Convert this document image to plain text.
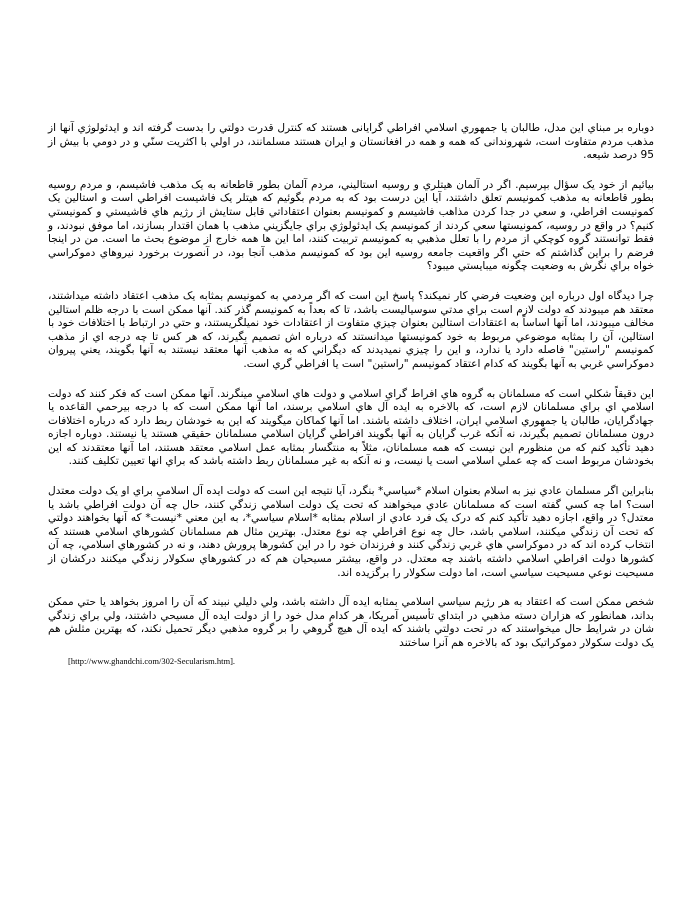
دوباره بر مبناي اين مدل، طالبان يا جمهوري اسلامي افراطي گرايانى هستند كه كنترل قدرت دولتي را بدست گرفته اند و ايدئولوژي آنها از مذهب مردم متفاوت است، شهروندانى كه همه و همه در افغانستان و ايران هستند مسلمانند، در اولي با اكثريت سنّي و در دومي با بيش از 95 درصد شيعه.

بيائيم از خود يک سؤال بپرسيم. اگر در آلمان هيتلري و روسيه استاليني، مردم آلمان بطور قاطعانه به يک مذهب فاشيسم، و مردم روسيه بطور قاطعانه به مذهب كمونيسم تعلق داشتند، آيا اين درست بود كه به مردم بگوئيم كه هيتلر يک فاشيست افراطي است و استالين يک كمونيست افراطي، و سعي در جدا كردن مذاهب فاشيسم و كمونيسم بعنوان اعتقاداتي قابل ستايش از رژيم هاي فاشيستي و كمونيستي كنيم؟ در واقع در روسيه، كمونيستها سعي كردند از كمونيسم يک ايدئولوژي براي جايگزيني مذهب با همان اقتدار بسازند، اما موفق نبودند، و فقط توانستند گروه كوچكي از مردم را با تعلل مذهبي به كمونيسم تربيت كنند، اما اين ها همه خارج از موضوع بحث ما است. من در اينجا فرضم را براين گذاشتم كه حتي اگر واقعيت جامعه روسيه اين بود كه كمونيسم مذهب آنجا بود، در آنصورت برخورد نيروهاي دموكراسي خواه براي نگرش به وضعيت چگونه ميبايستي ميبود؟

چرا ديدگاه اول درباره اين وضعيت فرضي كار نميكند؟ پاسخ اين است كه اگر مردمي به كمونيسم بمثابه يک مذهب اعتقاد داشته ميداشتند، معتقد هم ميبودند كه دولت لازم است براي مدتي سوسياليست باشد، تا كه بعداً به كمونيسم گذر كند. آنها ممكن است با درجه ظلم استالين مخالف ميبودند، اما آنها اساساً به اعتقادات استالين بعنوان چيزي متفاوت از اعتقادات خود نميلگريستند، و حتي در ارتباط با اختلافات خود با استالين، آن را بمثابه موضوعي مربوط به خود كمونيستها ميدانستند كه درباره اش تصميم بگيرند، كه هر كس تا چه درجه اي از مذهب كمونيسم "راستين" فاصله دارد يا ندارد، و اين را چيزي نميديدند كه ديگراني كه به مذهب آنها معتقد نيستند به آنها بگويند، يعني پيروان دموكراسي غربي به آنها بگويند كه كدام اعتقاد كمونيسم "راستين" است يا افراطي گري است.

اين دقيقاً شكلي است كه مسلمانان به گروه هاي افراط گراي اسلامي و دولت هاي اسلامي مينگرند. آنها ممكن است كه فكر كنند كه دولت اسلامي اي براي مسلمانان لازم است، كه بالاخره به ايده آل هاي اسلامي برسند، اما آنها ممكن است كه با درجه بيرحمي القاعده يا جهادگرايان، طالبان يا جمهوري اسلامي ايران، اختلاف داشته باشند. اما آنها كماكان ميگويند كه اين به خودشان ربط دارد كه درباره اختلافات درون مسلمانان تصميم بگيرند، نه آنكه غرب گرايان به آنها بگويند افراطي گرايان اسلامي مسلمانان حقيقي هستند يا نيستند. دوباره اجازه دهيد تأكيد كنم كه من منظورم اين نيست كه همه مسلمانان، مثلاً به منتگسار بمثابه عمل اسلامي معتقد هستند، اما آنها معتقدند كه اين بخودشان مربوط است كه چه عملي اسلامي است يا نيست، و نه آنكه به غير مسلمانان ربط داشته باشد كه براي انها تعيين تكليف كنند.

بنابراين اگر مسلمان عادي نيز به اسلام بعنوان اسلام *سياسي* بنگرد، آيا نتيجه اين است كه دولت ايده آل اسلامي براي او يک دولت معتدل است؟ اما چه كسي گفته است كه مسلمانان عادي ميخواهند كه تحت يک دولت اسلامي زندگي كنند، حال چه آن دولت افراطي باشد يا معتدل؟ در واقع، اجازه دهيد تأكيد كنم كه درک يک فرد عادي از اسلام بمثابه *اسلام سياسي*، به اين معني *نيست* كه آنها بخواهند دولتي كه تحت آن زندگي ميكنند، اسلامي باشد، حال چه نوع افراطي چه نوع معتدل. بهترين مثال هم مسلمانان كشورهاي اسلامي هستند كه انتخاب كرده اند كه در دموكراسي هاي غربي زندگي كنند و فرزندان خود را در اين كشورها پرورش دهند، و نه در كشورهاي اسلامي، چه آن كشورها دولت افراطي اسلامي داشته باشند چه معتدل. در واقع، بيشتر مسيحيان هم كه در كشورهاي سكولار زندگي ميكنند دركشان از مسيحيت نوعي مسيحيت سياسي است، اما دولت سكولار را برگزيده اند.

شخص ممكن است كه اعتقاد به هر رژيم سياسي اسلامي بمثابه ايده آل داشته باشد، ولي دليلي نبيند كه آن را امروز بخواهد يا حتي ممكن بداند، همانطور كه هزاران دسته مذهبي در ابتداي تأسيس آمريكا، هر كدام مدل خود را از دولت ايده آل مسيحي داشتند، ولي براي زندگي شان در شرايط حال ميخواستند كه در تحت دولتي باشند كه ايده آل هيچ گروهي را بر گروه مذهبي ديگر تحميل نكند، كه بهترين مثلش هم يک دولت سكولار دموكراتيک بود كه بالاخره هم آنرا ساختند

[http://www.ghandchi.com/302-Secularism.htm].
